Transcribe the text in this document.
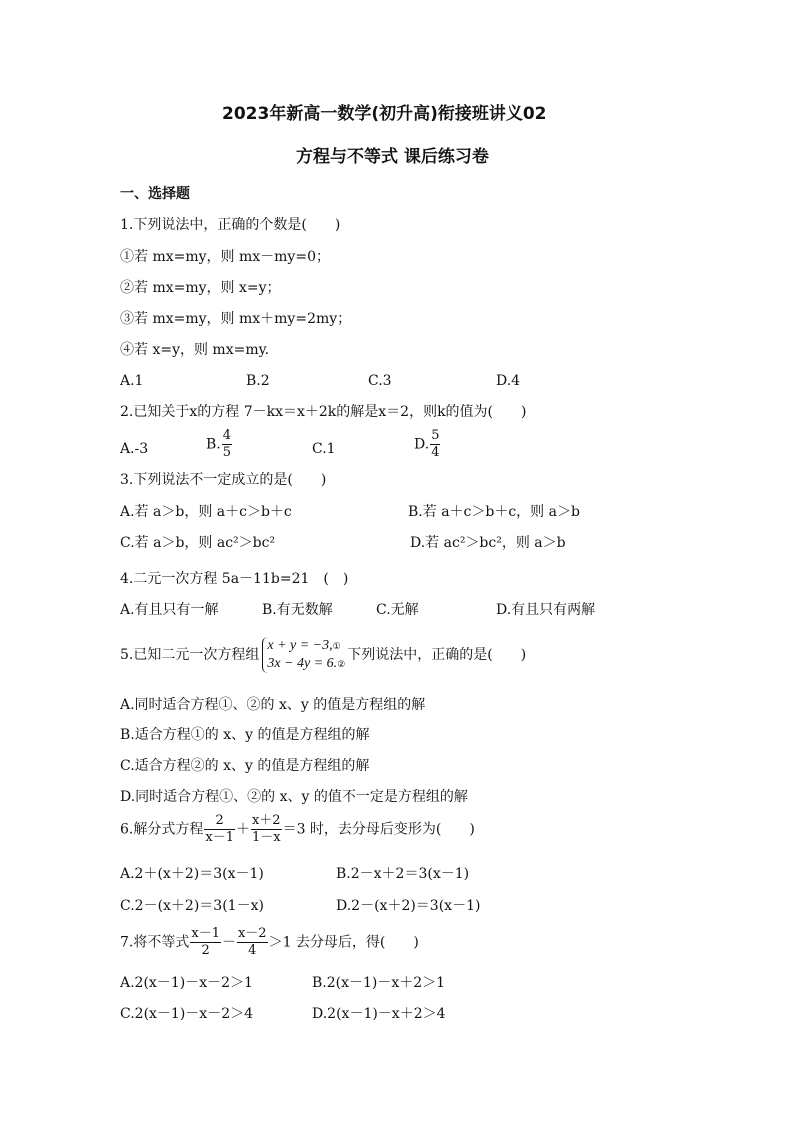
2023年新高一数学(初升高)衔接班讲义02
方程与不等式 课后练习卷
一、选择题
1.下列说法中，正确的个数是(　　)
①若 mx=my，则 mx－my=0；
②若 mx=my，则 x=y；
③若 mx=my，则 mx＋my=2my；
④若 x=y，则 mx=my.
A.1	B.2	C.3	D.4
2.已知关于x的方程 7－kx＝x＋2k的解是x＝2，则k的值为(　　)
A.-3	B. $\frac{4}{5}$	C.1	D. $\frac{5}{4}$
3.下列说法不一定成立的是(　　)
A.若 a＞b，则 a＋c＞b＋c	B.若 a＋c＞b＋c，则 a＞b
C.若 a＞b，则 ac²＞bc²	D.若 ac²＞bc²，则 a＞b
4.二元一次方程 5a－11b=21　(　)
A.有且只有一解	B.有无数解	C.无解	D.有且只有两解
5.已知二元一次方程组
x + y = −3,①
3x − 4y = 6.②
下列说法中，正确的是(　　)
A.同时适合方程①、②的 x、y 的值是方程组的解
B.适合方程①的 x、y 的值是方程组的解
C.适合方程②的 x、y 的值是方程组的解
D.同时适合方程①、②的 x、y 的值不一定是方程组的解
6.解分式方程 $\frac{2}{x-1} + \frac{x+2}{1-x} =3$ 时，去分母后变形为(　　)
A.2＋(x＋2)＝3(x－1)	B.2－x＋2＝3(x－1)
C.2－(x＋2)＝3(1－x)	D.2－(x＋2)＝3(x－1)
7.将不等式 $\frac{x-1}{2} - \frac{x-2}{4} >1$ 去分母后，得(　　)
A.2(x－1)－x－2＞1	B.2(x－1)－x＋2＞1
C.2(x－1)－x－2＞4	D.2(x－1)－x＋2＞4
